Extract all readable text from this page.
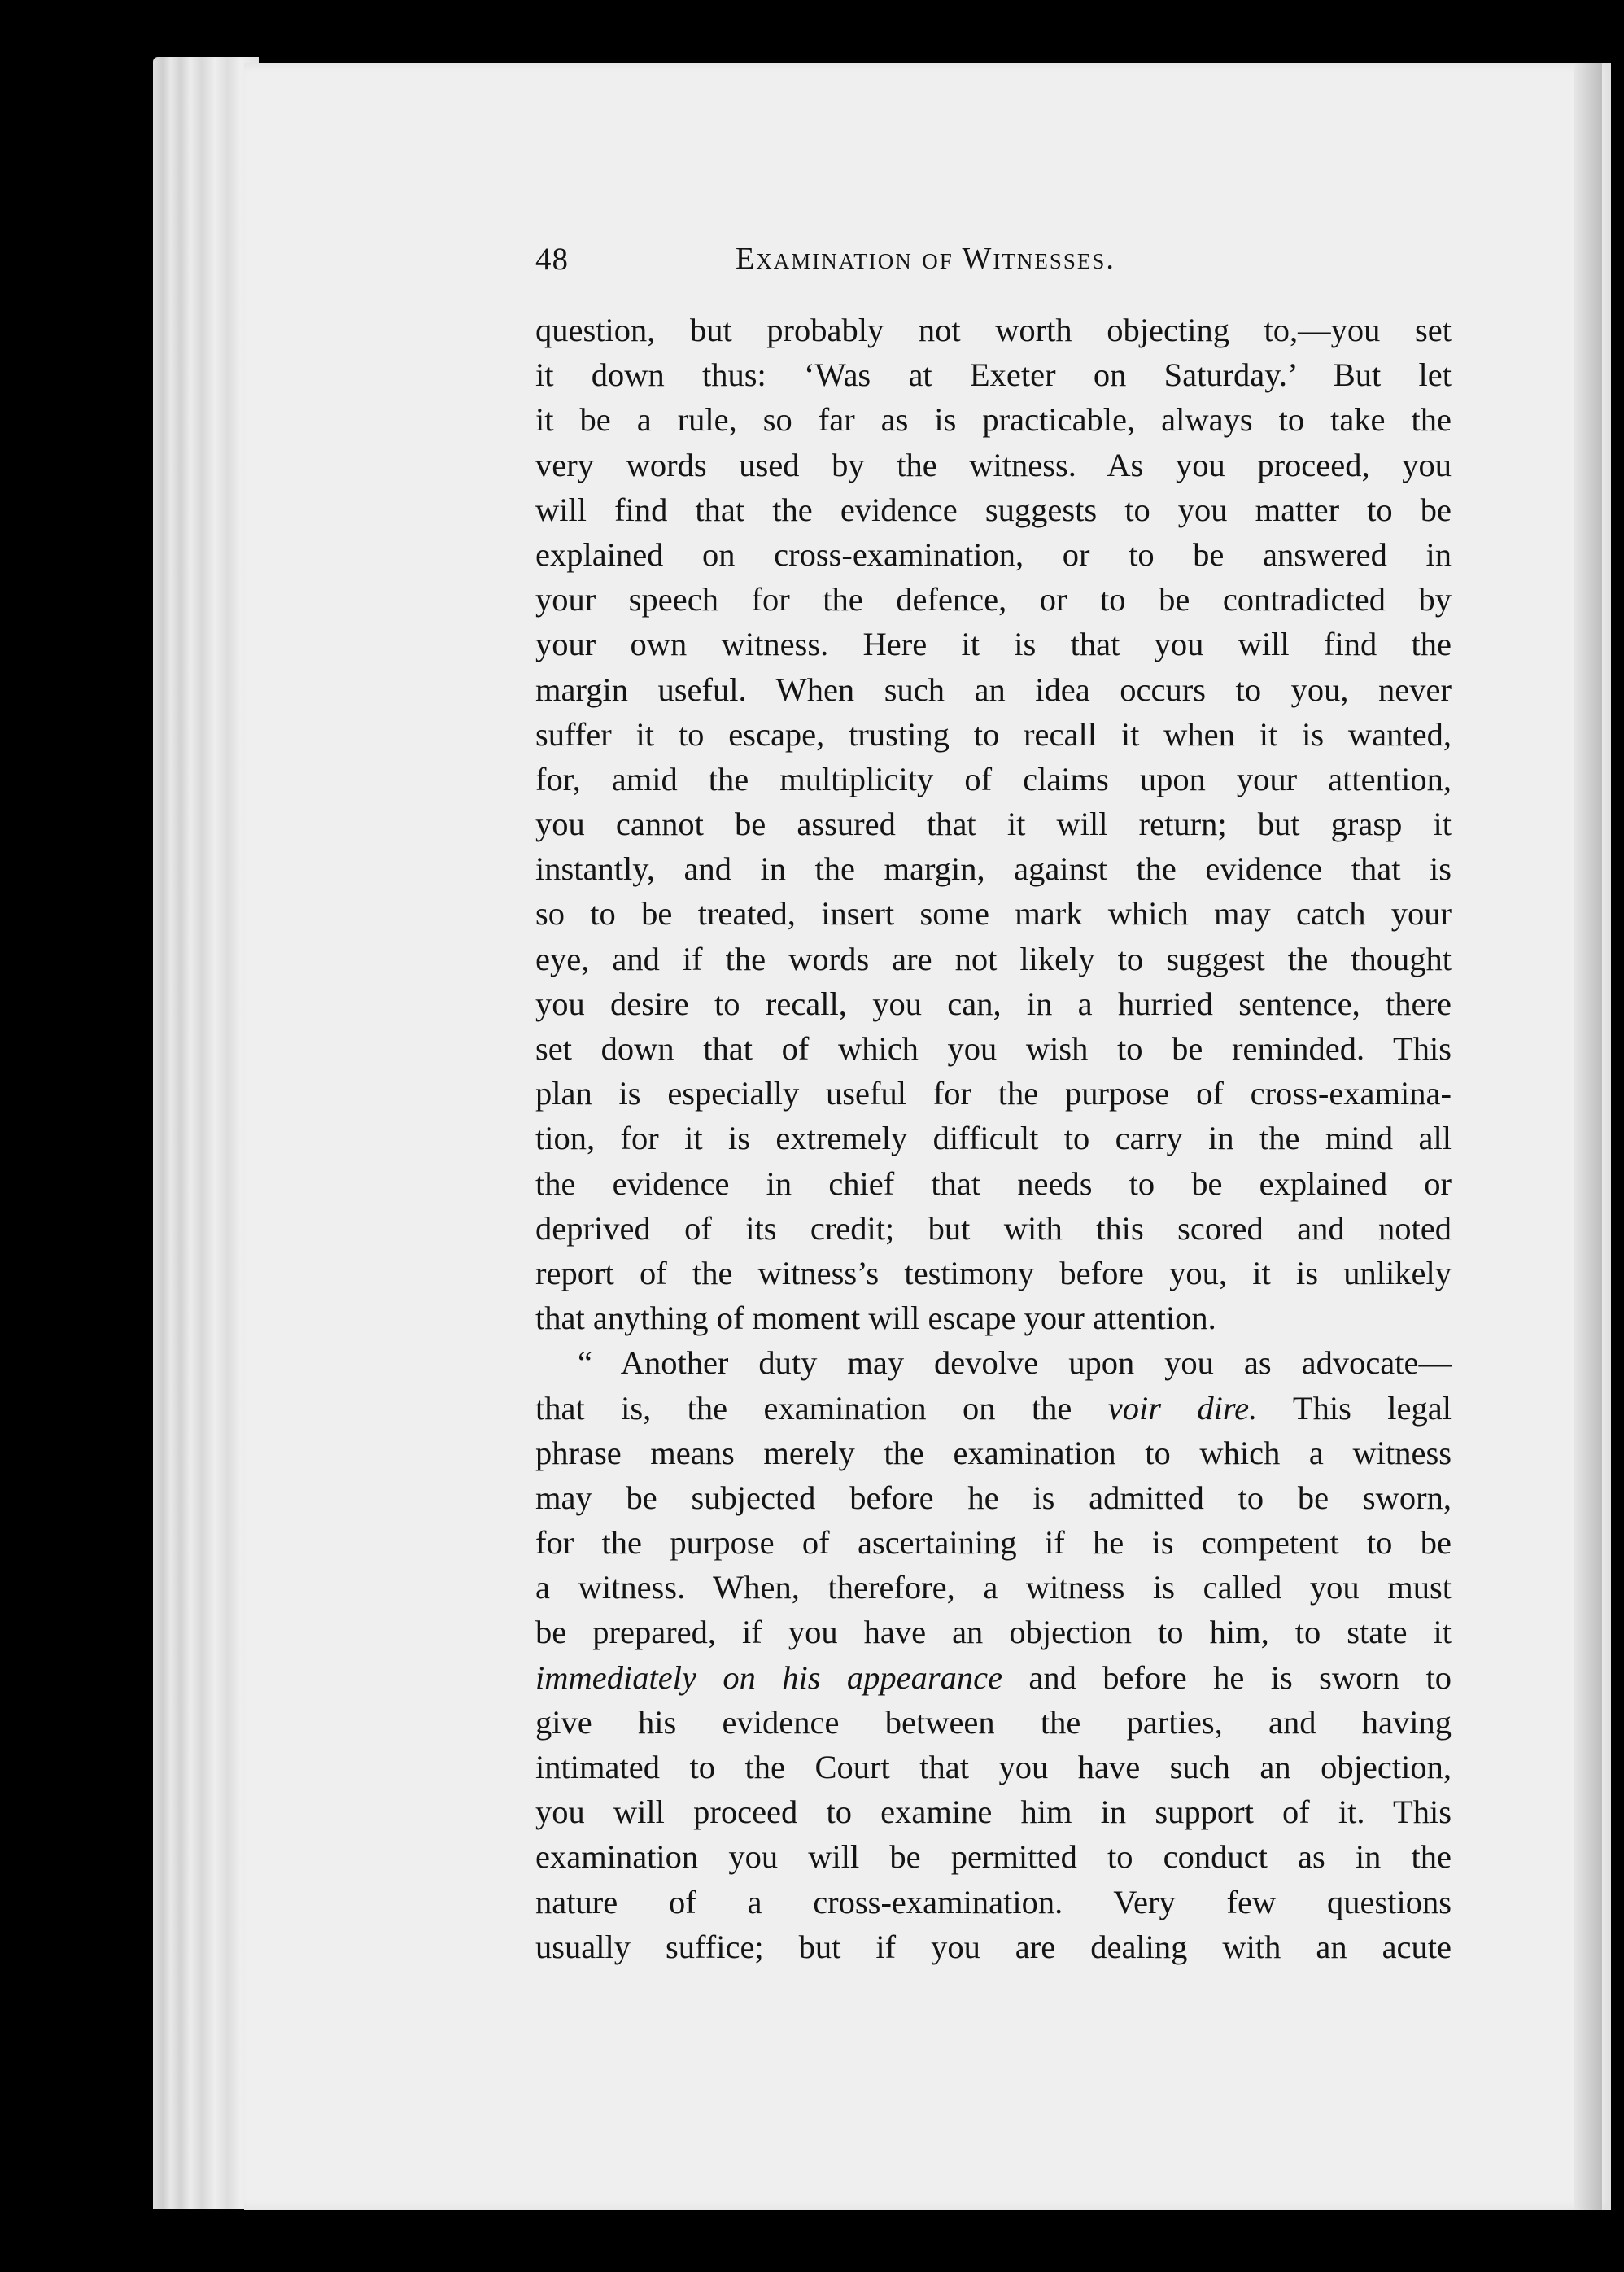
48	Examination of Witnesses.
question, but probably not worth objecting to,—you set
it down thus: ‘Was at Exeter on Saturday.’ But let
it be a rule, so far as is practicable, always to take the
very words used by the witness. As you proceed, you
will find that the evidence suggests to you matter to be
explained on cross-examination, or to be answered in
your speech for the defence, or to be contradicted by
your own witness. Here it is that you will find the
margin useful. When such an idea occurs to you, never
suffer it to escape, trusting to recall it when it is wanted,
for, amid the multiplicity of claims upon your attention,
you cannot be assured that it will return; but grasp it
instantly, and in the margin, against the evidence that is
so to be treated, insert some mark which may catch your
eye, and if the words are not likely to suggest the thought
you desire to recall, you can, in a hurried sentence, there
set down that of which you wish to be reminded. This
plan is especially useful for the purpose of cross-examina-
tion, for it is extremely difficult to carry in the mind all
the evidence in chief that needs to be explained or
deprived of its credit; but with this scored and noted
report of the witness’s testimony before you, it is unlikely
that anything of moment will escape your attention.
“ Another duty may devolve upon you as advocate—
that is, the examination on the voir dire. This legal
phrase means merely the examination to which a witness
may be subjected before he is admitted to be sworn,
for the purpose of ascertaining if he is competent to be
a witness. When, therefore, a witness is called you must
be prepared, if you have an objection to him, to state it
immediately on his appearance and before he is sworn to
give his evidence between the parties, and having
intimated to the Court that you have such an objection,
you will proceed to examine him in support of it. This
examination you will be permitted to conduct as in the
nature of a cross-examination. Very few questions
usually suffice; but if you are dealing with an acute
